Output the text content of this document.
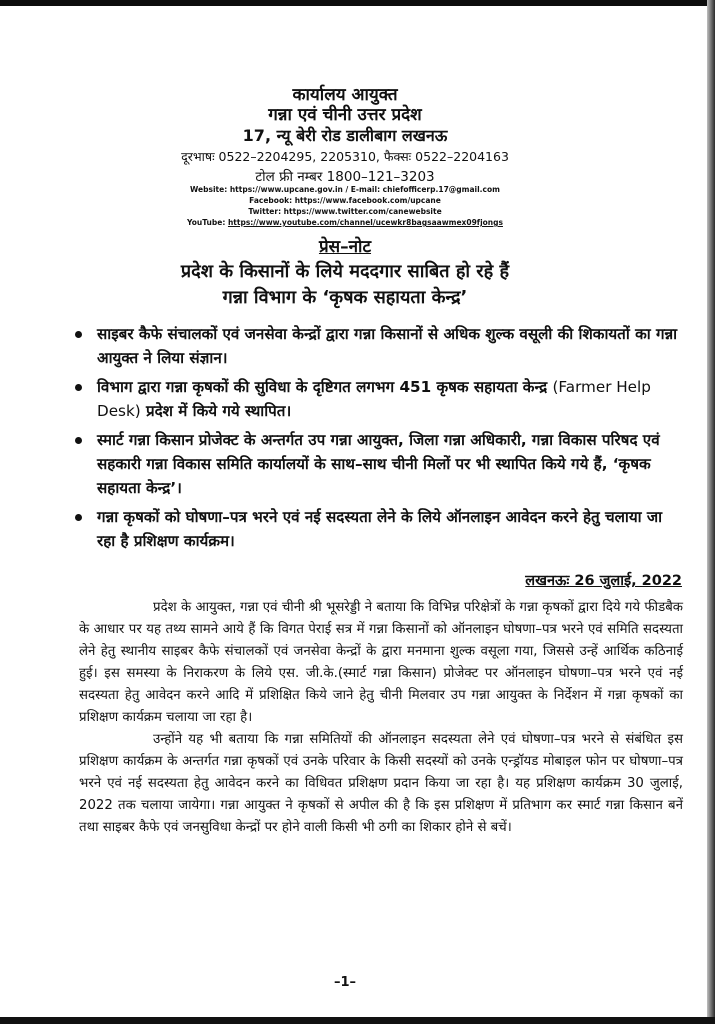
कार्यालय आयुक्त
गन्ना एवं चीनी उत्तर प्रदेश
17, न्यू बेरी रोड डालीबाग लखनऊ
दूरभाषः 0522–2204295, 2205310, फैक्सः 0522–2204163
टोल फ्री नम्बर 1800–121–3203
Website: https://www.upcane.gov.in / E-mail: chiefofficerp.17@gmail.com
Facebook: https://www.facebook.com/upcane
Twitter: https://www.twitter.com/canewebsite
YouTube: https://www.youtube.com/channel/ucewkr8bagsaawmex09fjongs
प्रेस–नोट
प्रदेश के किसानों के लिये मददगार साबित हो रहे हैं
गन्ना विभाग के ‘कृषक सहायता केन्द्र’
साइबर कैफे संचालकों एवं जनसेवा केन्द्रों द्वारा गन्ना किसानों से अधिक शुल्क वसूली की शिकायतों का गन्ना आयुक्त ने लिया संज्ञान।
विभाग द्वारा गन्ना कृषकों की सुविधा के दृष्टिगत लगभग 451 कृषक सहायता केन्द्र (Farmer Help Desk) प्रदेश में किये गये स्थापित।
स्मार्ट गन्ना किसान प्रोजेक्ट के अन्तर्गत उप गन्ना आयुक्त, जिला गन्ना अधिकारी, गन्ना विकास परिषद एवं सहकारी गन्ना विकास समिति कार्यालयों के साथ–साथ चीनी मिलों पर भी स्थापित किये गये हैं, ‘कृषक सहायता केन्द्र’।
गन्ना कृषकों को घोषणा–पत्र भरने एवं नई सदस्यता लेने के लिये ऑनलाइन आवेदन करने हेतु चलाया जा रहा है प्रशिक्षण कार्यक्रम।
लखनऊः 26 जुलाई, 2022

प्रदेश के आयुक्त, गन्ना एवं चीनी श्री भूसरेड्डी ने बताया कि विभिन्न परिक्षेत्रों के गन्ना कृषकों द्वारा दिये गये फीडबैक के आधार पर यह तथ्य सामने आये हैं कि विगत पेराई सत्र में गन्ना किसानों को ऑनलाइन घोषणा–पत्र भरने एवं समिति सदस्यता लेने हेतु स्थानीय साइबर कैफे संचालकों एवं जनसेवा केन्द्रों के द्वारा मनमाना शुल्क वसूला गया, जिससे उन्हें आर्थिक कठिनाई हुई। इस समस्या के निराकरण के लिये एस. जी.के.(स्मार्ट गन्ना किसान) प्रोजेक्ट पर ऑनलाइन घोषणा–पत्र भरने एवं नई सदस्यता हेतु आवेदन करने आदि में प्रशिक्षित किये जाने हेतु चीनी मिलवार उप गन्ना आयुक्त के निर्देशन में गन्ना कृषकों का प्रशिक्षण कार्यक्रम चलाया जा रहा है।

उन्होंने यह भी बताया कि गन्ना समितियों की ऑनलाइन सदस्यता लेने एवं घोषणा–पत्र भरने से संबंधित इस प्रशिक्षण कार्यक्रम के अन्तर्गत गन्ना कृषकों एवं उनके परिवार के किसी सदस्यों को उनके एन्ड्रॉयड मोबाइल फोन पर घोषणा–पत्र भरने एवं नई सदस्यता हेतु आवेदन करने का विधिवत प्रशिक्षण प्रदान किया जा रहा है। यह प्रशिक्षण कार्यक्रम 30 जुलाई, 2022 तक चलाया जायेगा। गन्ना आयुक्त ने कृषकों से अपील की है कि इस प्रशिक्षण में प्रतिभाग कर स्मार्ट गन्ना किसान बनें तथा साइबर कैफे एवं जनसुविधा केन्द्रों पर होने वाली किसी भी ठगी का शिकार होने से बचें।

–1–
